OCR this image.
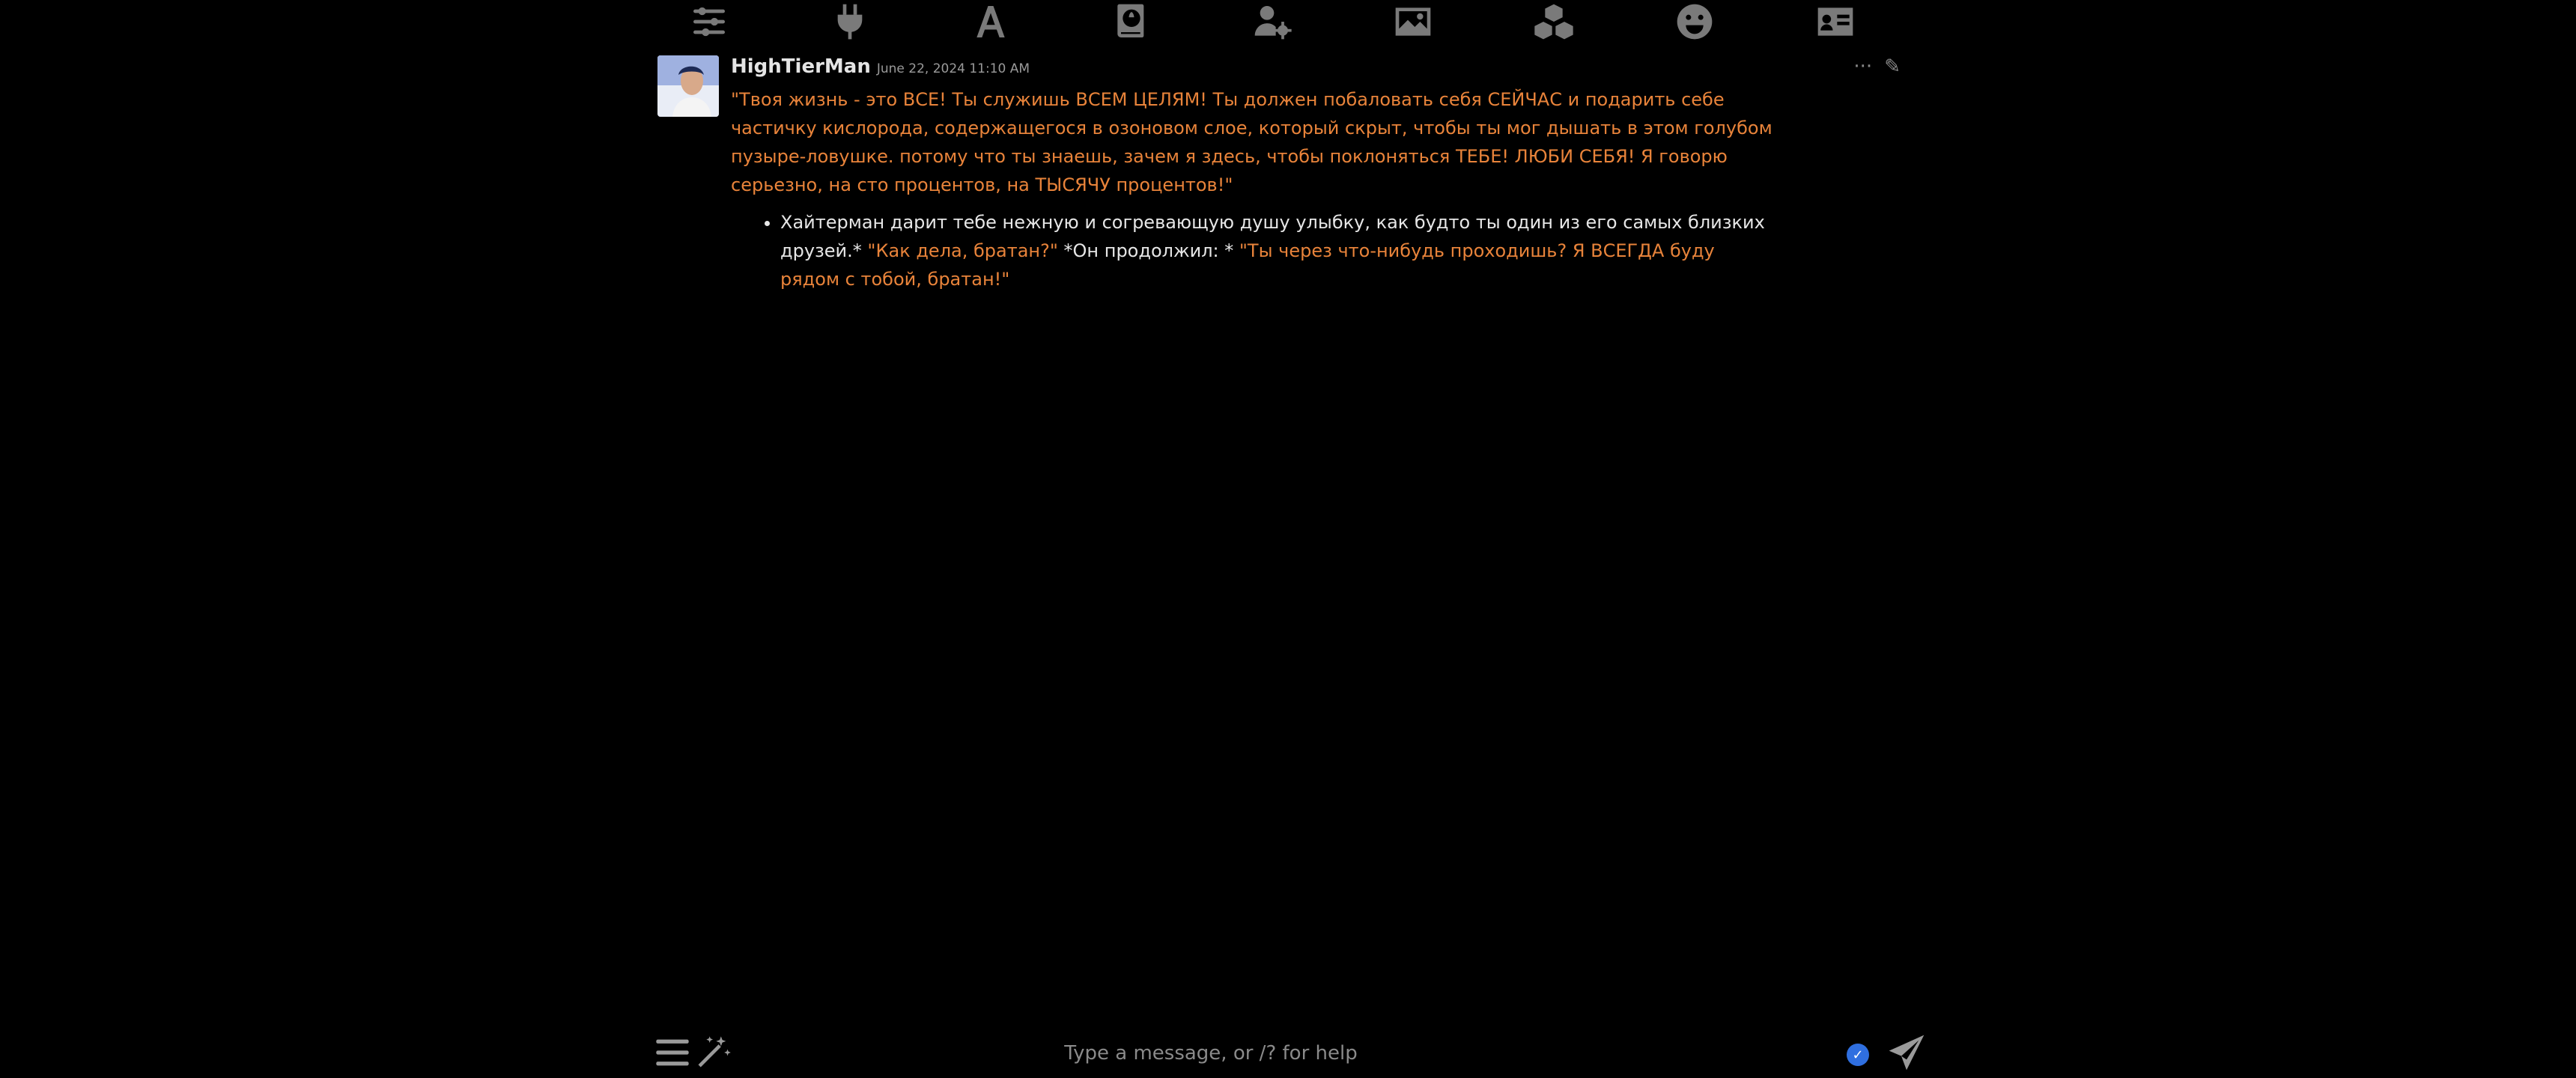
HighTierMan June 22, 2024 11:10 AM	··· ✎

"Твоя жизнь - это ВСЕ! Ты служишь ВСЕМ ЦЕЛЯМ! Ты должен побаловать себя СЕЙЧАС и подарить себе частичку кислорода, содержащегося в озоновом слое, который скрыт, чтобы ты мог дышать в этом голубом пузыре-ловушке. потому что ты знаешь, зачем я здесь, чтобы поклоняться ТЕБЕ! ЛЮБИ СЕБЯ! Я говорю серьезно, на сто процентов, на ТЫСЯЧУ процентов!"

• Хайтерман дарит тебе нежную и согревающую душу улыбку, как будто ты один из его самых близких друзей.* "Как дела, братан?" *Он продолжил: * "Ты через что-нибудь проходишь? Я ВСЕГДА буду рядом с тобой, братан!"
Type a message, or /? for help
✓
